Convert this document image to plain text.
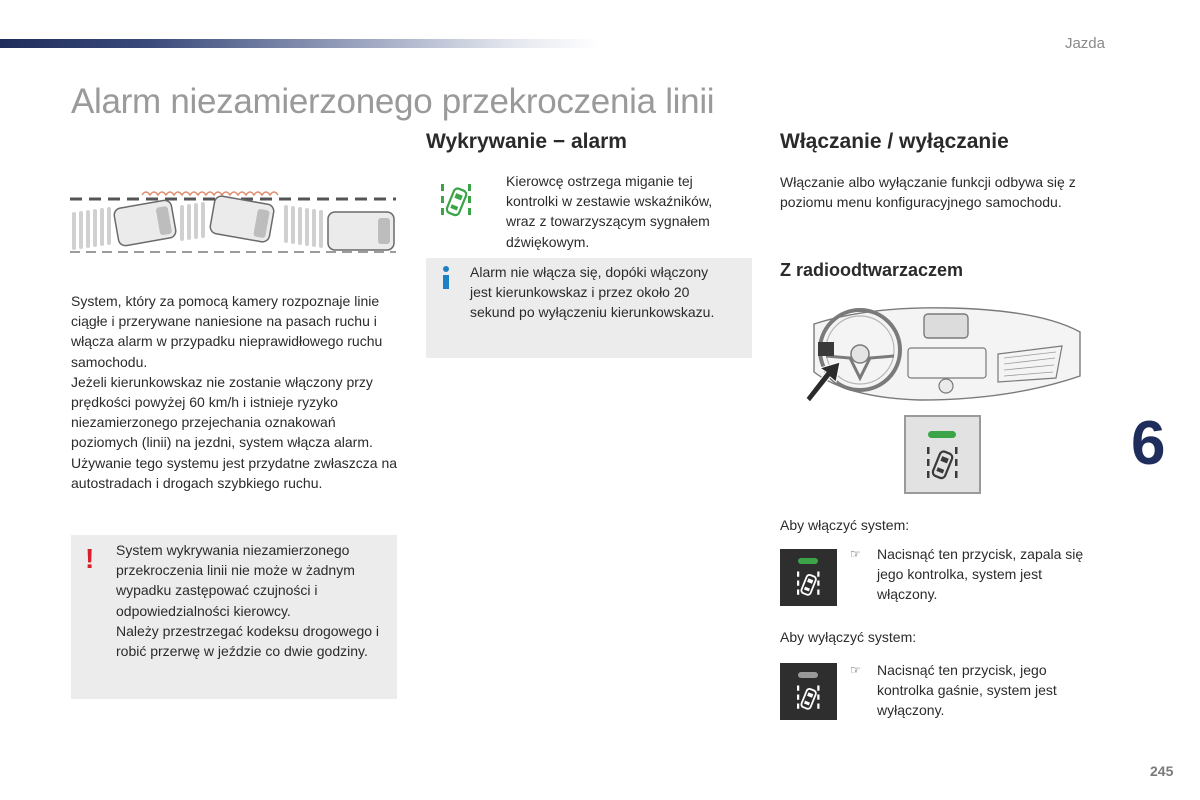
Jazda
Alarm niezamierzonego przekroczenia linii

System, który za pomocą kamery rozpoznaje linie ciągłe i przerywane naniesione na pasach ruchu i włącza alarm w przypadku nieprawidłowego ruchu samochodu.
Jeżeli kierunkowskaz nie zostanie włączony przy prędkości powyżej 60 km/h i istnieje ryzyko niezamierzonego przejechania oznakowań poziomych (linii) na jezdni, system włącza alarm.
Używanie tego systemu jest przydatne zwłaszcza na autostradach i drogach szybkiego ruchu.

! System wykrywania niezamierzonego przekroczenia linii nie może w żadnym wypadku zastępować czujności i odpowiedzialności kierowcy.
Należy przestrzegać kodeksu drogowego i robić przerwę w jeździe co dwie godziny.

Wykrywanie − alarm

Kierowcę ostrzega miganie tej kontrolki w zestawie wskaźników, wraz z towarzyszącym sygnałem dźwiękowym.

Alarm nie włącza się, dopóki włączony jest kierunkowskaz i przez około 20 sekund po wyłączeniu kierunkowskazu.

Włączanie / wyłączanie

Włączanie albo wyłączanie funkcji odbywa się z poziomu menu konfiguracyjnego samochodu.

Z radioodtwarzaczem

Aby włączyć system:

☞ Nacisnąć ten przycisk, zapala się jego kontrolka, system jest włączony.

Aby wyłączyć system:

☞ Nacisnąć ten przycisk, jego kontrolka gaśnie, system jest wyłączony.

6
245
